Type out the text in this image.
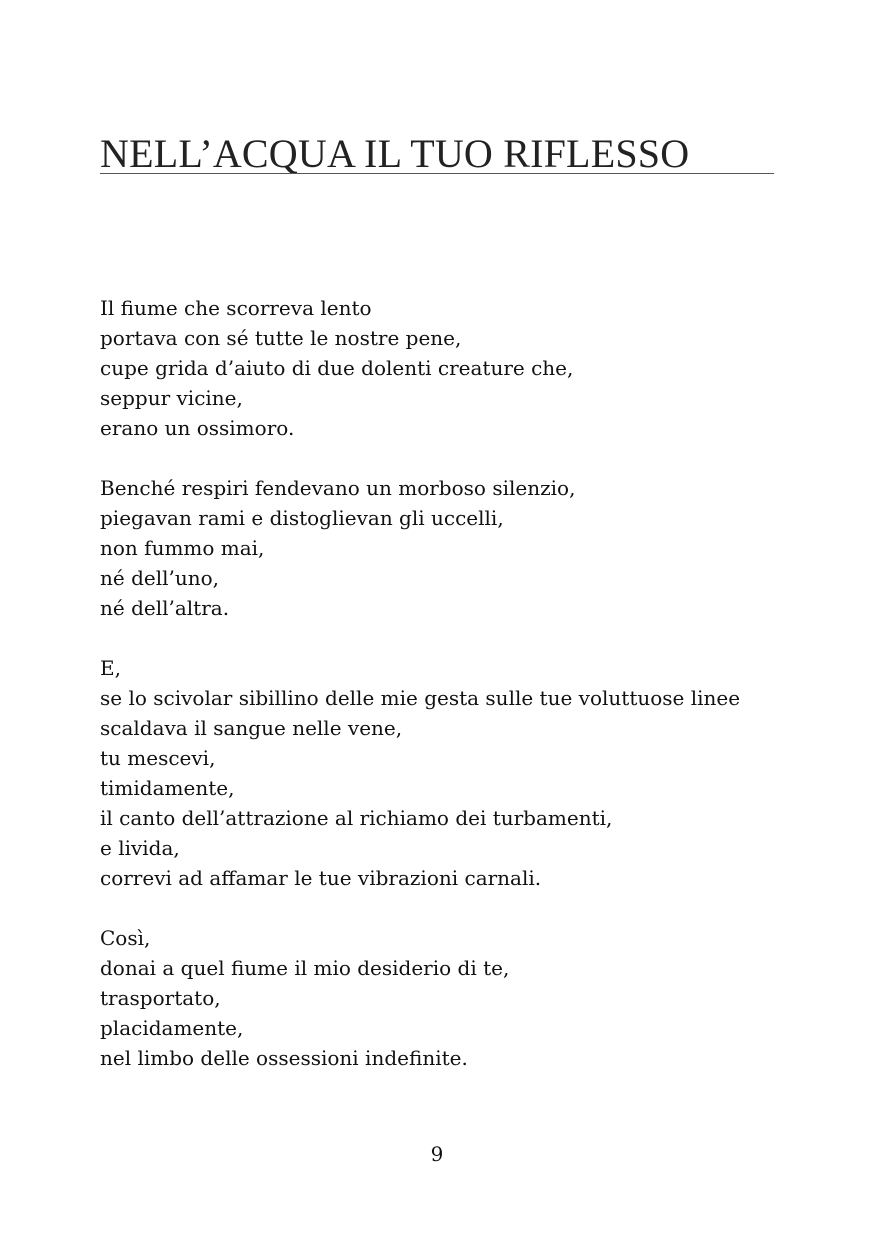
NELL’ACQUA IL TUO RIFLESSO
Il fiume che scorreva lento
portava con sé tutte le nostre pene,
cupe grida d’aiuto di due dolenti creature che,
seppur vicine,
erano un ossimoro.
Benché respiri fendevano un morboso silenzio,
piegavan rami e distoglievan gli uccelli,
non fummo mai,
né dell’uno,
né dell’altra.
E,
se lo scivolar sibillino delle mie gesta sulle tue voluttuose linee
scaldava il sangue nelle vene,
tu mescevi,
timidamente,
il canto dell’attrazione al richiamo dei turbamenti,
e livida,
correvi ad affamar le tue vibrazioni carnali.
Così,
donai a quel fiume il mio desiderio di te,
trasportato,
placidamente,
nel limbo delle ossessioni indefinite.
9
